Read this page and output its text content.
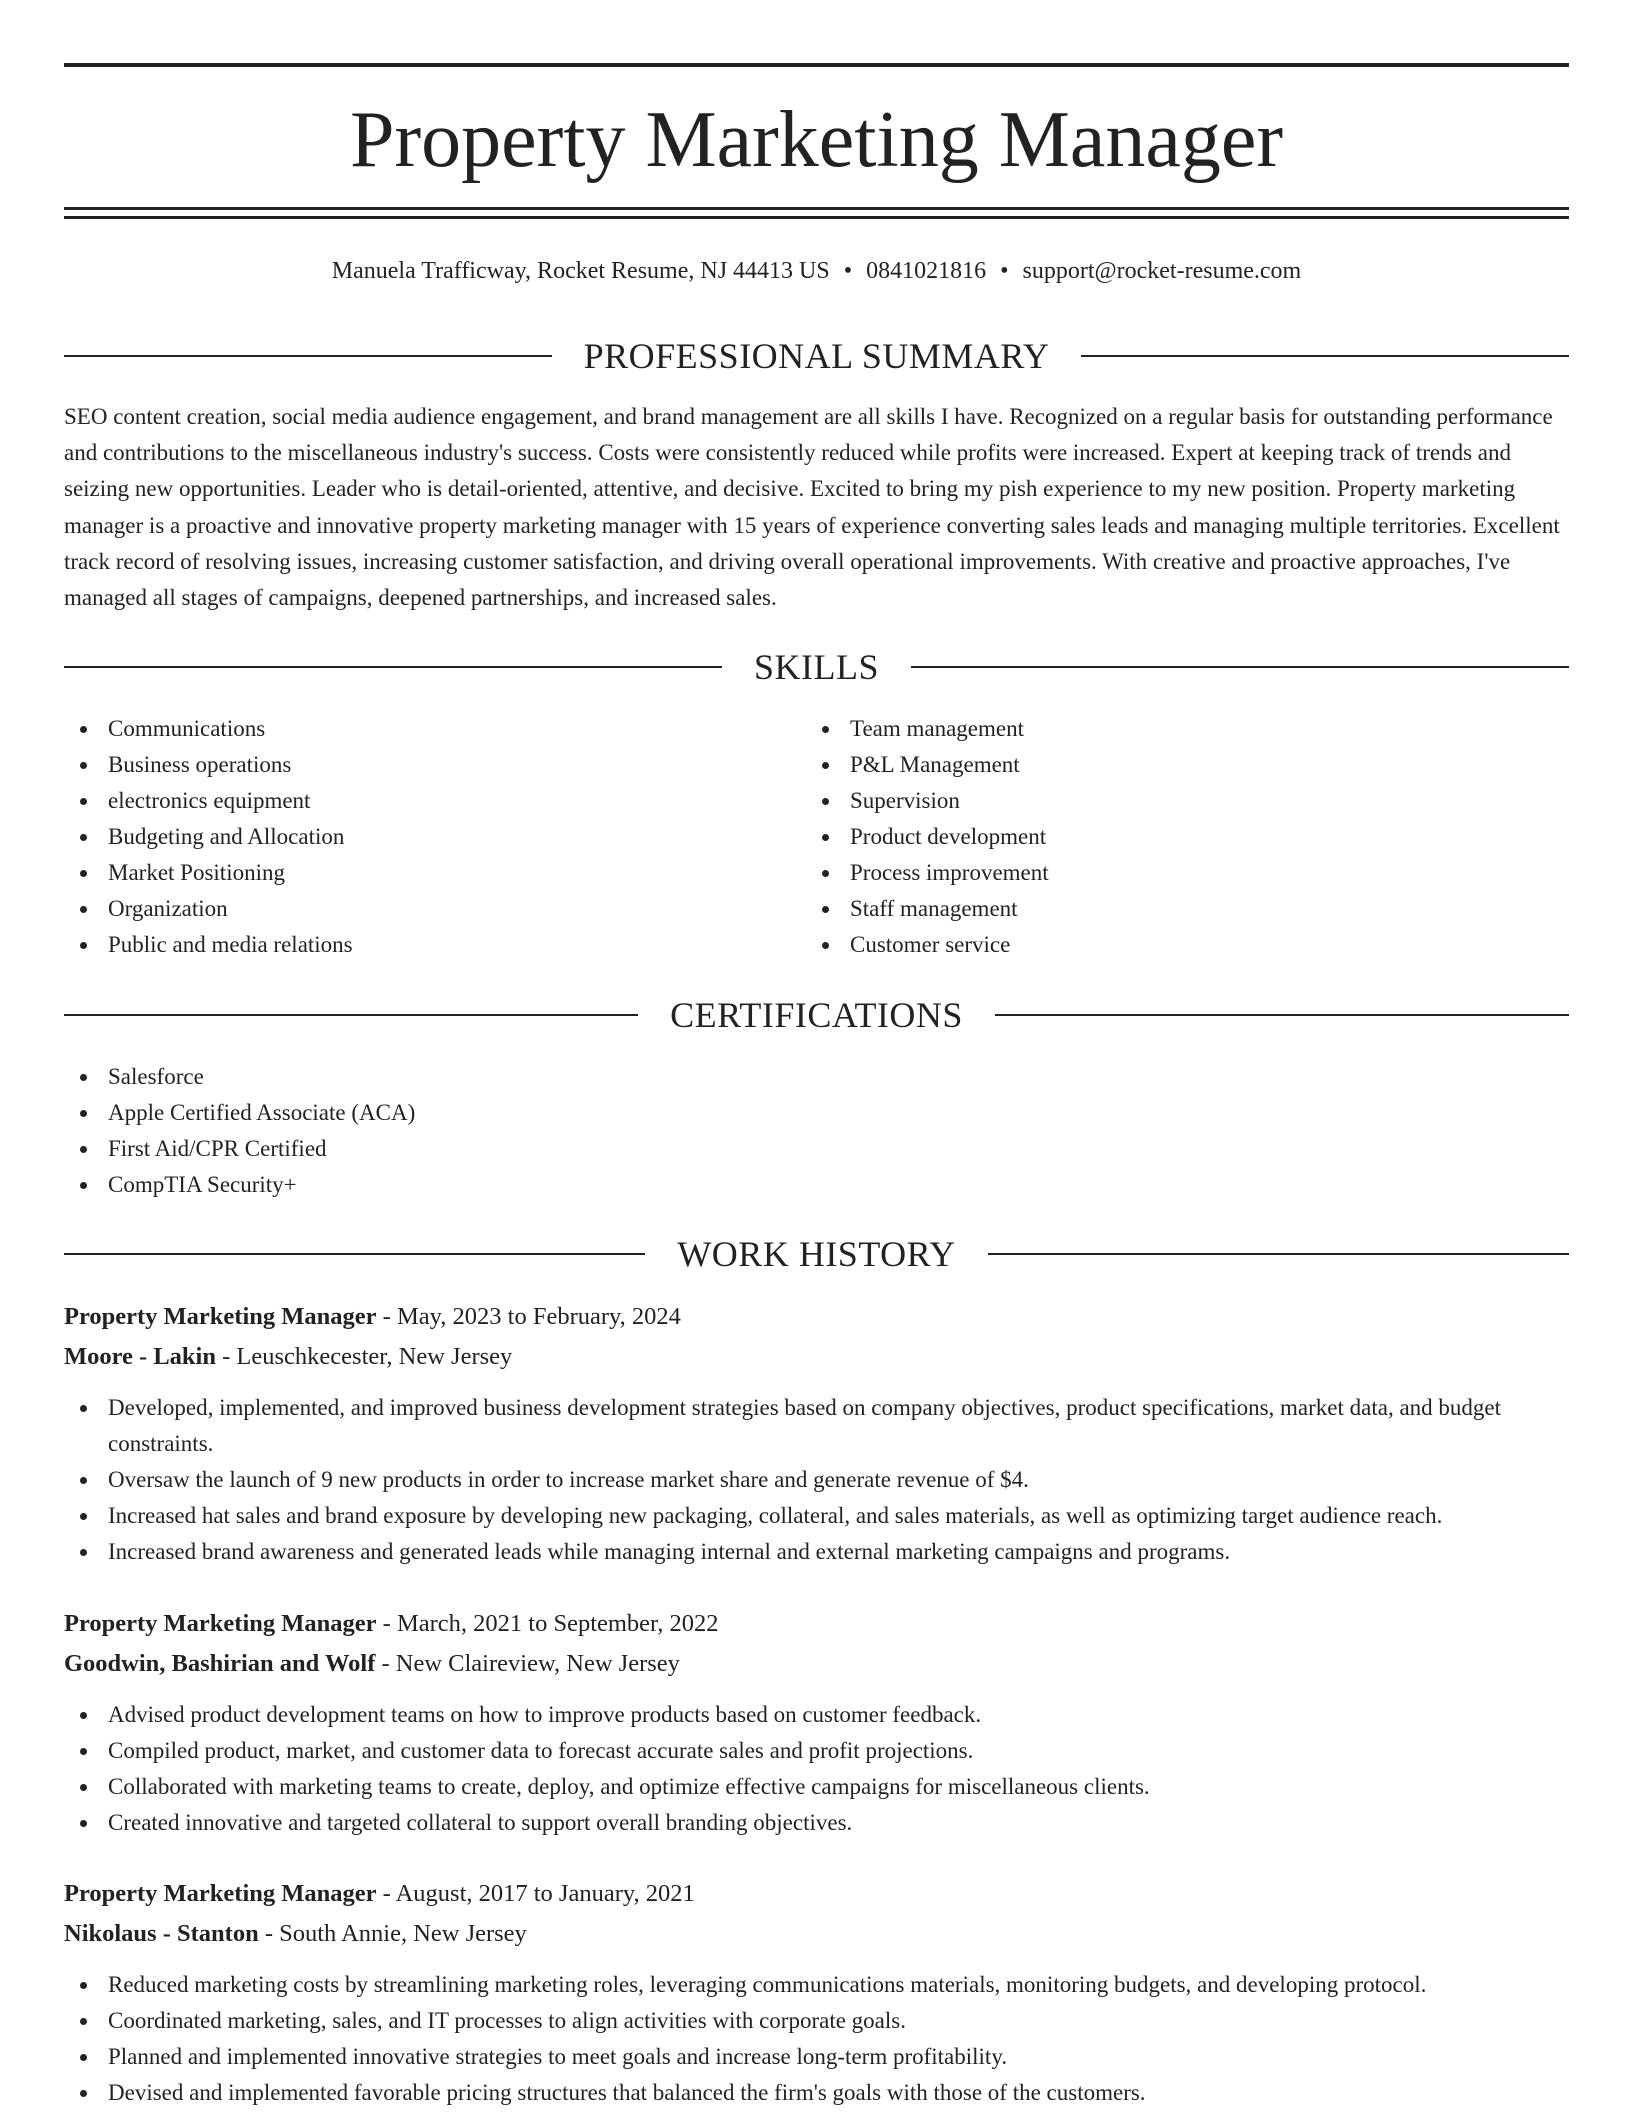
Property Marketing Manager
Manuela Trafficway, Rocket Resume, NJ 44413 US • 0841021816 • support@rocket-resume.com
PROFESSIONAL SUMMARY

SEO content creation, social media audience engagement, and brand management are all skills I have. Recognized on a regular basis for outstanding performance and contributions to the miscellaneous industry's success. Costs were consistently reduced while profits were increased. Expert at keeping track of trends and seizing new opportunities. Leader who is detail-oriented, attentive, and decisive. Excited to bring my pish experience to my new position. Property marketing manager is a proactive and innovative property marketing manager with 15 years of experience converting sales leads and managing multiple territories. Excellent track record of resolving issues, increasing customer satisfaction, and driving overall operational improvements. With creative and proactive approaches, I've managed all stages of campaigns, deepened partnerships, and increased sales.

SKILLS
Communications
Business operations
electronics equipment
Budgeting and Allocation
Market Positioning
Organization
Public and media relations
Team management
P&L Management
Supervision
Product development
Process improvement
Staff management
Customer service
CERTIFICATIONS
Salesforce
Apple Certified Associate (ACA)
First Aid/CPR Certified
CompTIA Security+
WORK HISTORY
Property Marketing Manager - May, 2023 to February, 2024
Moore - Lakin - Leuschkecester, New Jersey
Developed, implemented, and improved business development strategies based on company objectives, product specifications, market data, and budget constraints.
Oversaw the launch of 9 new products in order to increase market share and generate revenue of $4.
Increased hat sales and brand exposure by developing new packaging, collateral, and sales materials, as well as optimizing target audience reach.
Increased brand awareness and generated leads while managing internal and external marketing campaigns and programs.
Property Marketing Manager - March, 2021 to September, 2022
Goodwin, Bashirian and Wolf - New Claireview, New Jersey
Advised product development teams on how to improve products based on customer feedback.
Compiled product, market, and customer data to forecast accurate sales and profit projections.
Collaborated with marketing teams to create, deploy, and optimize effective campaigns for miscellaneous clients.
Created innovative and targeted collateral to support overall branding objectives.
Property Marketing Manager - August, 2017 to January, 2021
Nikolaus - Stanton - South Annie, New Jersey
Reduced marketing costs by streamlining marketing roles, leveraging communications materials, monitoring budgets, and developing protocol.
Coordinated marketing, sales, and IT processes to align activities with corporate goals.
Planned and implemented innovative strategies to meet goals and increase long-term profitability.
Devised and implemented favorable pricing structures that balanced the firm's goals with those of the customers.
